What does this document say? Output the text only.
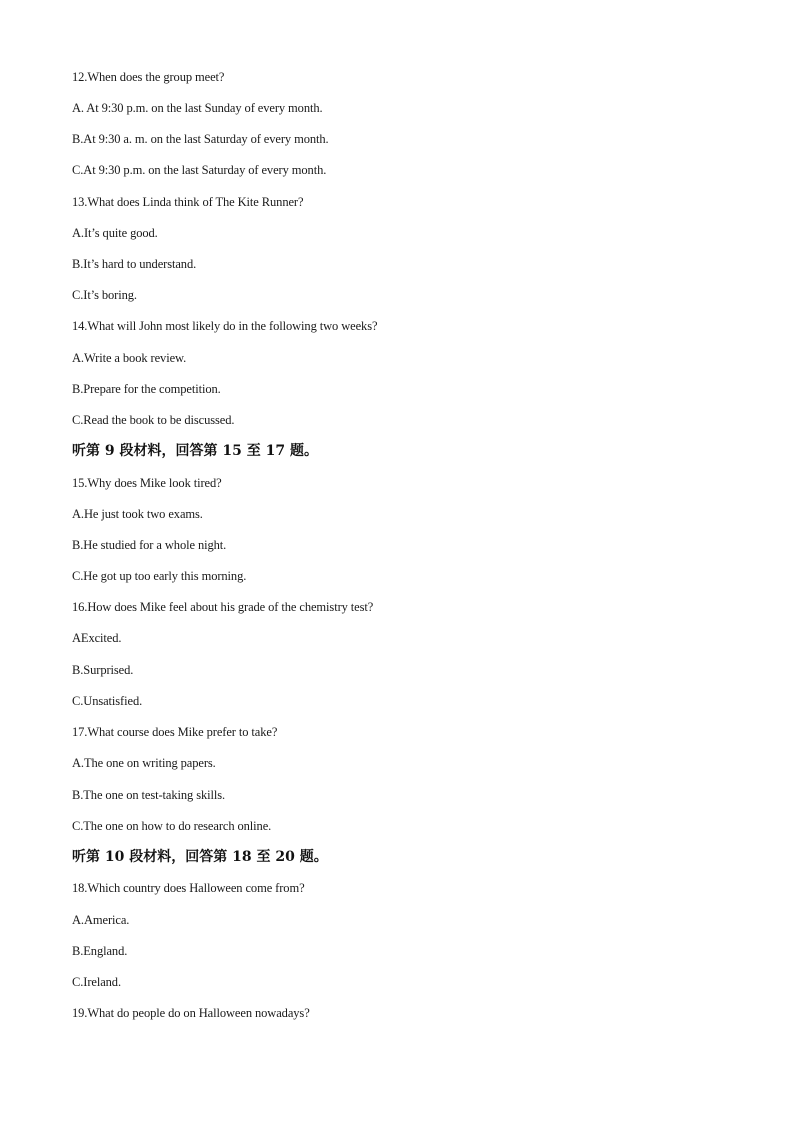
12.When does the group meet?
A. At 9:30 p.m. on the last Sunday of every month.
B.At 9:30 a. m. on the last Saturday of every month.
C.At 9:30 p.m. on the last Saturday of every month.
13.What does Linda think of The Kite Runner?
A.It’s quite good.
B.It’s hard to understand.
C.It’s boring.
14.What will John most likely do in the following two weeks?
A.Write a book review.
B.Prepare for the competition.
C.Read the book to be discussed.
听第 9 段材料，回答第 15 至 17 题。
15.Why does Mike look tired?
A.He just took two exams.
B.He studied for a whole night.
C.He got up too early this morning.
16.How does Mike feel about his grade of the chemistry test?
AExcited.
B.Surprised.
C.Unsatisfied.
17.What course does Mike prefer to take?
A.The one on writing papers.
B.The one on test-taking skills.
C.The one on how to do research online.
听第 10 段材料，回答第 18 至 20 题。
18.Which country does Halloween come from?
A.America.
B.England.
C.Ireland.
19.What do people do on Halloween nowadays?
